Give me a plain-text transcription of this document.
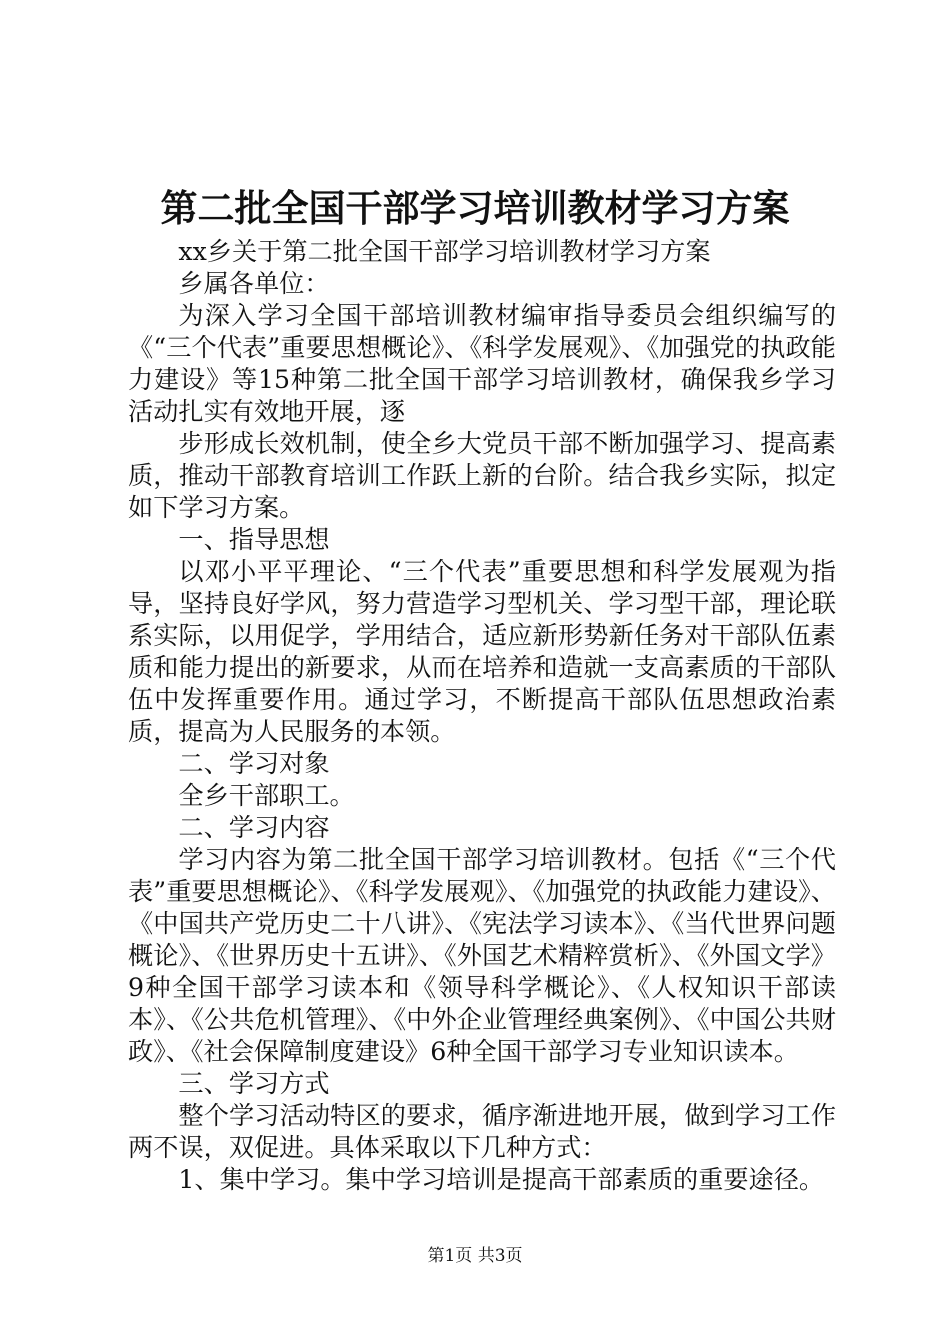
第二批全国干部学习培训教材学习方案

xx乡关于第二批全国干部学习培训教材学习方案

乡属各单位：

为深入学习全国干部培训教材编审指导委员会组织编写的《“三个代表”重要思想概论》、《科学发展观》、《加强党的执政能力建设》等15种第二批全国干部学习培训教材，确保我乡学习活动扎实有效地开展，逐

步形成长效机制，使全乡大党员干部不断加强学习、提高素质，推动干部教育培训工作跃上新的台阶。结合我乡实际，拟定如下学习方案。

一、指导思想

以邓小平平理论、“三个代表”重要思想和科学发展观为指导，坚持良好学风，努力营造学习型机关、学习型干部，理论联系实际，以用促学，学用结合，适应新形势新任务对干部队伍素质和能力提出的新要求，从而在培养和造就一支高素质的干部队伍中发挥重要作用。通过学习，不断提高干部队伍思想政治素质，提高为人民服务的本领。

二、学习对象

全乡干部职工。

二、学习内容

学习内容为第二批全国干部学习培训教材。包括《“三个代表”重要思想概论》、《科学发展观》、《加强党的执政能力建设》、《中国共产党历史二十八讲》、《宪法学习读本》、《当代世界问题概论》、《世界历史十五讲》、《外国艺术精粹赏析》、《外国文学》9种全国干部学习读本和《领导科学概论》、《人权知识干部读本》、《公共危机管理》、《中外企业管理经典案例》、《中国公共财政》、《社会保障制度建设》6种全国干部学习专业知识读本。

三、学习方式

整个学习活动特区的要求，循序渐进地开展，做到学习工作两不误，双促进。具体采取以下几种方式：

1、集中学习。集中学习培训是提高干部素质的重要途径。

第1页 共3页
